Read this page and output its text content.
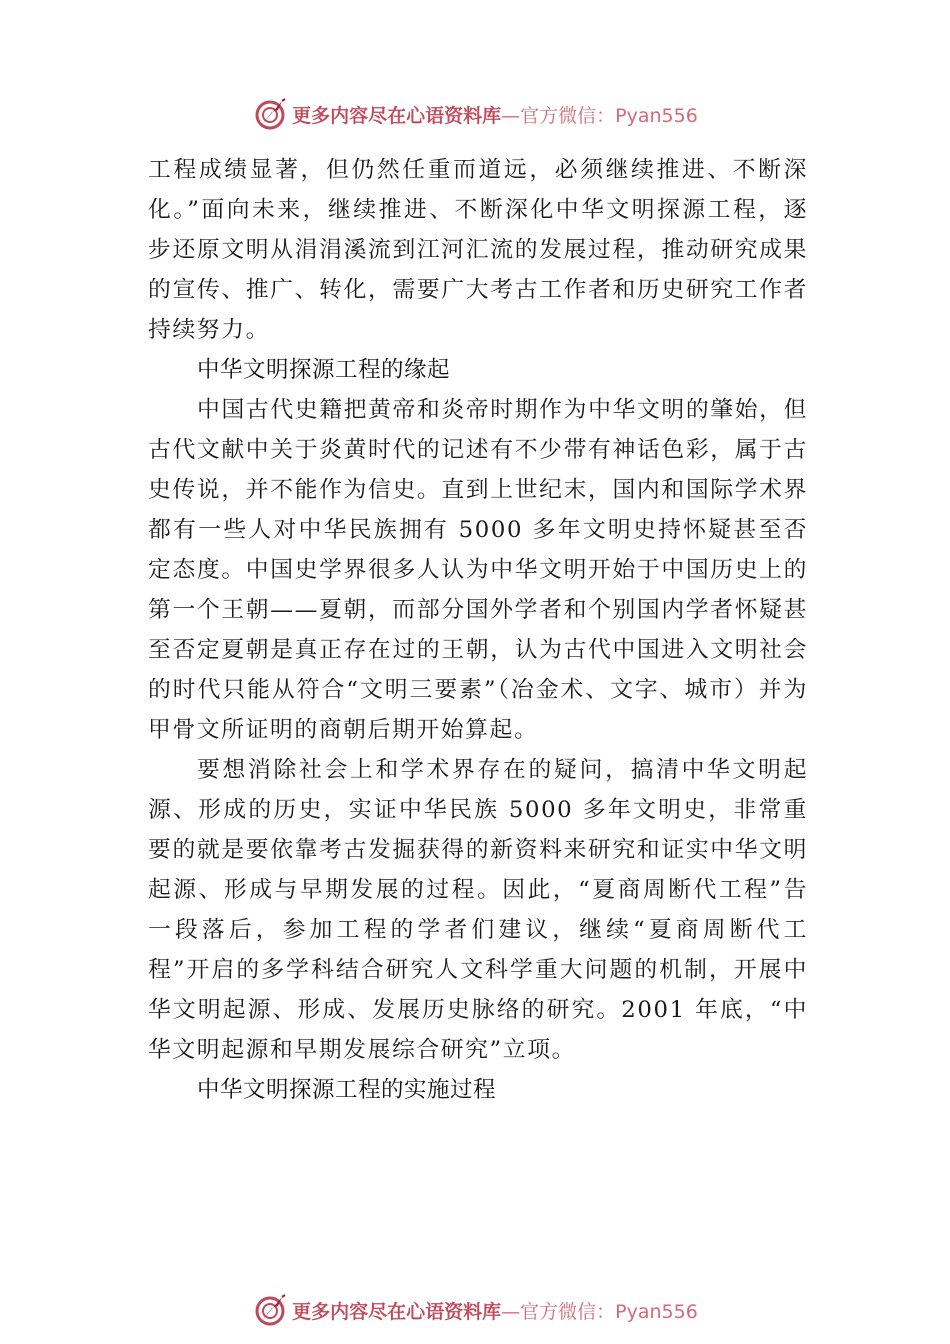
更多内容尽在心语资料库 —官方微信：Pyan556

工程成绩显著，但仍然任重而道远，必须继续推进、不断深化。”面向未来，继续推进、不断深化中华文明探源工程，逐步还原文明从涓涓溪流到江河汇流的发展过程，推动研究成果的宣传、推广、转化，需要广大考古工作者和历史研究工作者持续努力。

中华文明探源工程的缘起

中国古代史籍把黄帝和炎帝时期作为中华文明的肇始，但古代文献中关于炎黄时代的记述有不少带有神话色彩，属于古史传说，并不能作为信史。直到上世纪末，国内和国际学术界都有一些人对中华民族拥有 5000 多年文明史持怀疑甚至否定态度。中国史学界很多人认为中华文明开始于中国历史上的第一个王朝——夏朝，而部分国外学者和个别国内学者怀疑甚至否定夏朝是真正存在过的王朝，认为古代中国进入文明社会的时代只能从符合“文明三要素”（冶金术、文字、城市）并为甲骨文所证明的商朝后期开始算起。

要想消除社会上和学术界存在的疑问，搞清中华文明起源、形成的历史，实证中华民族 5000 多年文明史，非常重要的就是要依靠考古发掘获得的新资料来研究和证实中华文明起源、形成与早期发展的过程。因此，“夏商周断代工程”告一段落后，参加工程的学者们建议，继续“夏商周断代工程”开启的多学科结合研究人文科学重大问题的机制，开展中华文明起源、形成、发展历史脉络的研究。2001 年底，“中华文明起源和早期发展综合研究”立项。

中华文明探源工程的实施过程
更多内容尽在心语资料库 —官方微信：Pyan556
